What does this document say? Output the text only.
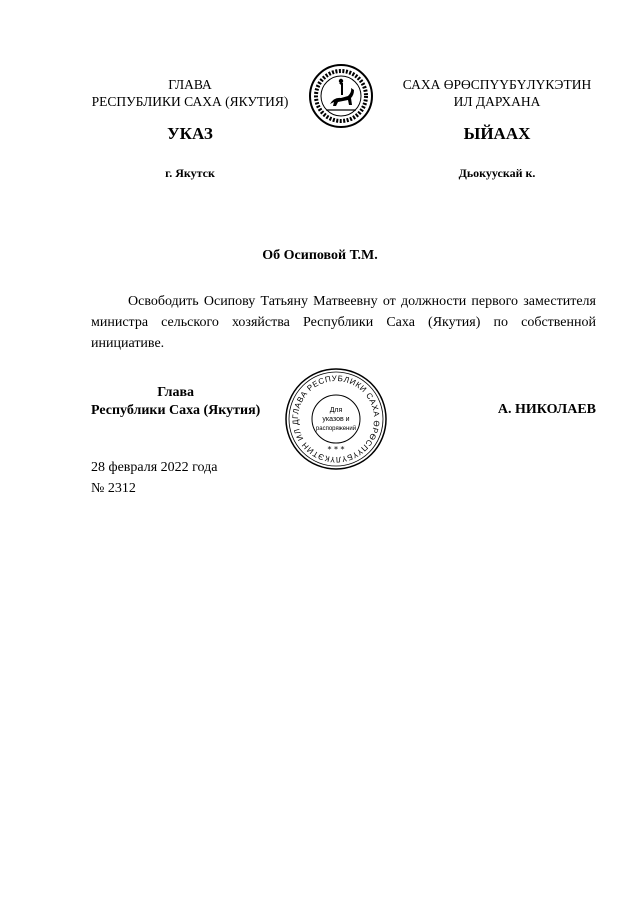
ГЛАВА
РЕСПУБЛИКИ САХА (ЯКУТИЯ)
САХА ӨРӨСПҮҮБҮЛҮКЭТИН
ИЛ ДАРХАНА
УКАЗ	ЫЙААХ
г. Якутск	Дьокуускай к.
Об Осиповой Т.М.
Освободить Осипову Татьяну Матвеевну от должности первого заместителя министра сельского хозяйства Республики Саха (Якутия) по собственной инициативе.
Глава
Республики Саха (Якутия)	ГЛАВА РЕСПУБЛИКИ САХА ӨРӨСПҮҮБҮЛҮКЭТИН ИЛ Д
Для
указов и
распоряжений
* * *
А. НИКОЛАЕВ
28 февраля 2022 года
№ 2312
